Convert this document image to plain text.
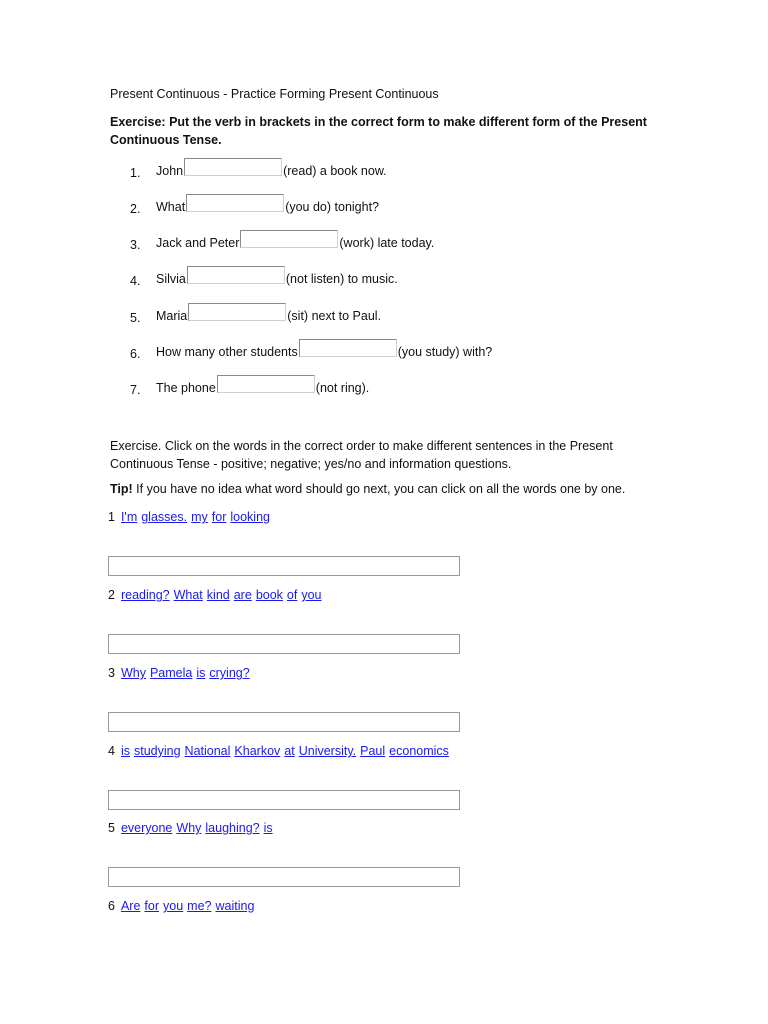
Present Continuous - Practice Forming Present Continuous
Exercise: Put the verb in brackets in the correct form to make different form of the Present Continuous Tense.
1.	John	(read) a book now.
2.	What	(you do) tonight?
3.	Jack and Peter	(work) late today.
4.	Silvia	(not listen) to music.
5.	Maria	(sit) next to Paul.
6.	How many other students	(you study) with?
7.	The phone	(not ring).
Exercise. Click on the words in the correct order to make different sentences in the Present Continuous Tense - positive; negative; yes/no and information questions.
Tip! If you have no idea what word should go next, you can click on all the words one by one.
1 I'm glasses. my for looking
2 reading? What kind are book of you
3 Why Pamela is crying?
4 is studying National Kharkov at University. Paul economics
5 everyone Why laughing? is
6 Are for you me? waiting
